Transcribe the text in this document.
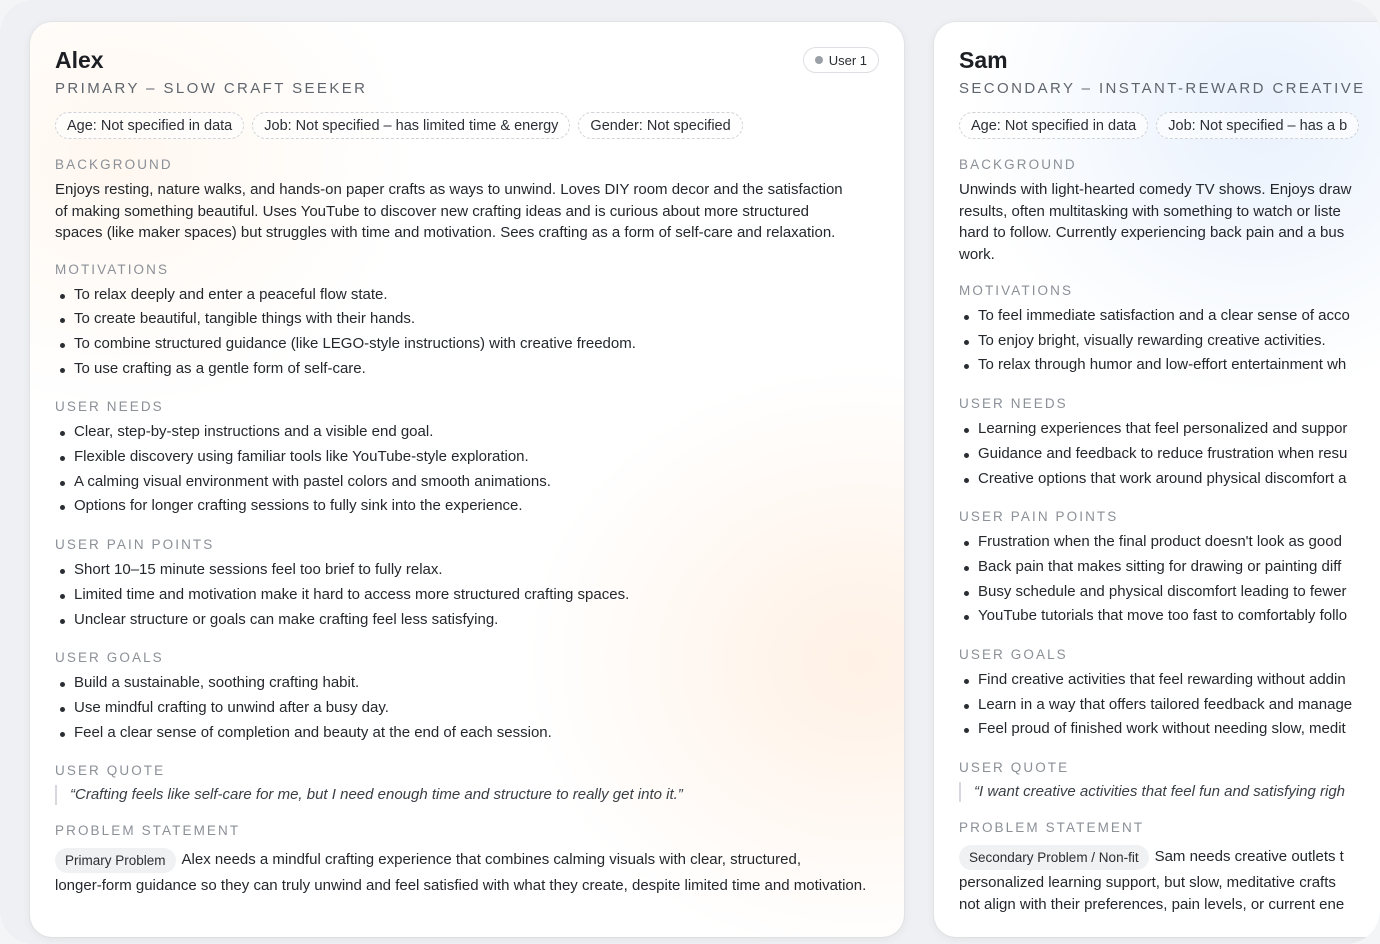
Alex
PRIMARY – SLOW CRAFT SEEKER
User 1
Age: Not specified in data	Job: Not specified – has limited time & energy	Gender: Not specified
BACKGROUND
Enjoys resting, nature walks, and hands-on paper crafts as ways to unwind. Loves DIY room decor and the satisfaction of making something beautiful. Uses YouTube to discover new crafting ideas and is curious about more structured spaces (like maker spaces) but struggles with time and motivation. Sees crafting as a form of self-care and relaxation.
MOTIVATIONS
To relax deeply and enter a peaceful flow state.
To create beautiful, tangible things with their hands.
To combine structured guidance (like LEGO-style instructions) with creative freedom.
To use crafting as a gentle form of self-care.
USER NEEDS
Clear, step-by-step instructions and a visible end goal.
Flexible discovery using familiar tools like YouTube-style exploration.
A calming visual environment with pastel colors and smooth animations.
Options for longer crafting sessions to fully sink into the experience.
USER PAIN POINTS
Short 10–15 minute sessions feel too brief to fully relax.
Limited time and motivation make it hard to access more structured crafting spaces.
Unclear structure or goals can make crafting feel less satisfying.
USER GOALS
Build a sustainable, soothing crafting habit.
Use mindful crafting to unwind after a busy day.
Feel a clear sense of completion and beauty at the end of each session.
USER QUOTE
“Crafting feels like self-care for me, but I need enough time and structure to really get into it.”
PROBLEM STATEMENT
Primary Problem Alex needs a mindful crafting experience that combines calming visuals with clear, structured,
longer-form guidance so they can truly unwind and feel satisfied with what they create, despite limited time and motivation.
Sam
SECONDARY – INSTANT-REWARD CREATIVE
Age: Not specified in data	Job: Not specified – has a b
BACKGROUND
Unwinds with light-hearted comedy TV shows. Enjoys draw
results, often multitasking with something to watch or liste
hard to follow. Currently experiencing back pain and a bus
work.
MOTIVATIONS
To feel immediate satisfaction and a clear sense of acco
To enjoy bright, visually rewarding creative activities.
To relax through humor and low-effort entertainment wh
USER NEEDS
Learning experiences that feel personalized and suppor
Guidance and feedback to reduce frustration when resu
Creative options that work around physical discomfort a
USER PAIN POINTS
Frustration when the final product doesn't look as good
Back pain that makes sitting for drawing or painting diff
Busy schedule and physical discomfort leading to fewer
YouTube tutorials that move too fast to comfortably follo
USER GOALS
Find creative activities that feel rewarding without addin
Learn in a way that offers tailored feedback and manage
Feel proud of finished work without needing slow, medit
USER QUOTE
“I want creative activities that feel fun and satisfying righ
PROBLEM STATEMENT
Secondary Problem / Non-fit Sam needs creative outlets t
personalized learning support, but slow, meditative crafts
not align with their preferences, pain levels, or current ene
